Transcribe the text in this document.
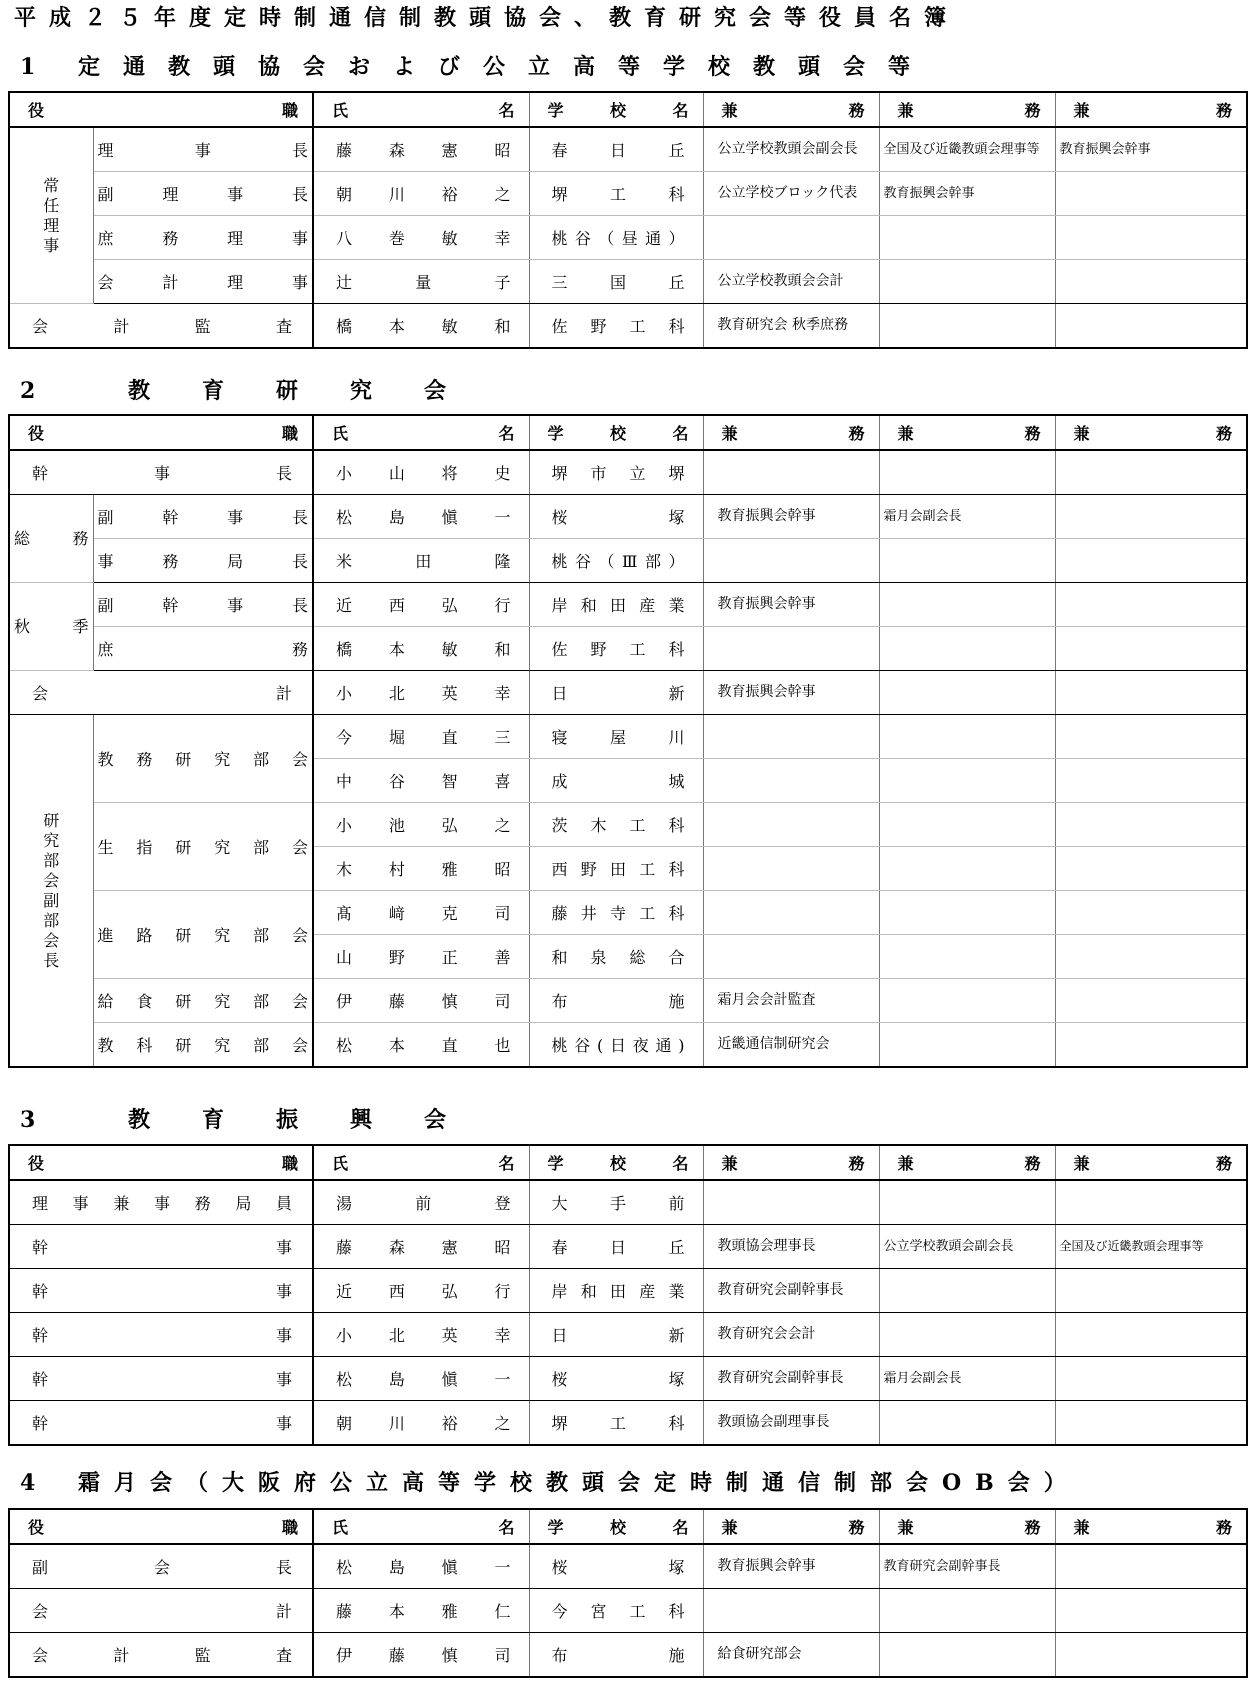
平成２５年度定時制通信制教頭協会、教育研究会等役員名簿
1 定通教頭協会および公立高等学校教頭会等
役職		氏名	学校名	兼務	兼務	兼務
常任理事	理事長	藤森憲昭	春日丘	公立学校教頭会副会長	全国及び近畿教頭会理事等	教育振興会幹事
	副理事長	朝川裕之	堺工科	公立学校ブロック代表	教育振興会幹事	
	庶務理事	八巻敏幸	桃谷（昼通）			
	会計理事	辻量子	三国丘	公立学校教頭会会計		
会計監査		橋本敏和	佐野工科	教育研究会 秋季庶務		
2	教育研究会
役職		氏名	学校名	兼務	兼務	兼務
幹事長		小山将史	堺市立堺			
総務	副幹事長	松島愼一	桜塚	教育振興会幹事	霜月会副会長	
	事務局長	米田隆	桃谷（Ⅲ部）			
秋季	副幹事長	近西弘行	岸和田産業	教育振興会幹事		
	庶務	橋本敏和	佐野工科			
会計		小北英幸	日新	教育振興会幹事		
研究部会副部会長	教務研究部会	今堀直三	寝屋川			
		中谷智喜	成城			
	生指研究部会	小池弘之	茨木工科			
		木村雅昭	西野田工科			
	進路研究部会	髙﨑克司	藤井寺工科			
		山野正善	和泉総合			
	給食研究部会	伊藤慎司	布施	霜月会会計監査		
	教科研究部会	松本直也	桃谷(日夜通)	近畿通信制研究会		
3	教育振興会
役職	氏名	学校名	兼務	兼務	兼務
理事兼事務局員	湯前登	大手前			
幹事	藤森憲昭	春日丘	教頭協会理事長	公立学校教頭会副会長	全国及び近畿教頭会理事等
幹事	近西弘行	岸和田産業	教育研究会副幹事長		
幹事	小北英幸	日新	教育研究会会計		
幹事	松島愼一	桜塚	教育研究会副幹事長	霜月会副会長	
幹事	朝川裕之	堺工科	教頭協会副理事長		
4 霜月会（大阪府公立高等学校教頭会定時制通信制部会OB会）
役職	氏名	学校名	兼務	兼務	兼務
副会長	松島愼一	桜塚	教育振興会幹事	教育研究会副幹事長	
会計	藤本雅仁	今宮工科			
会計監査	伊藤慎司	布施	給食研究部会		
